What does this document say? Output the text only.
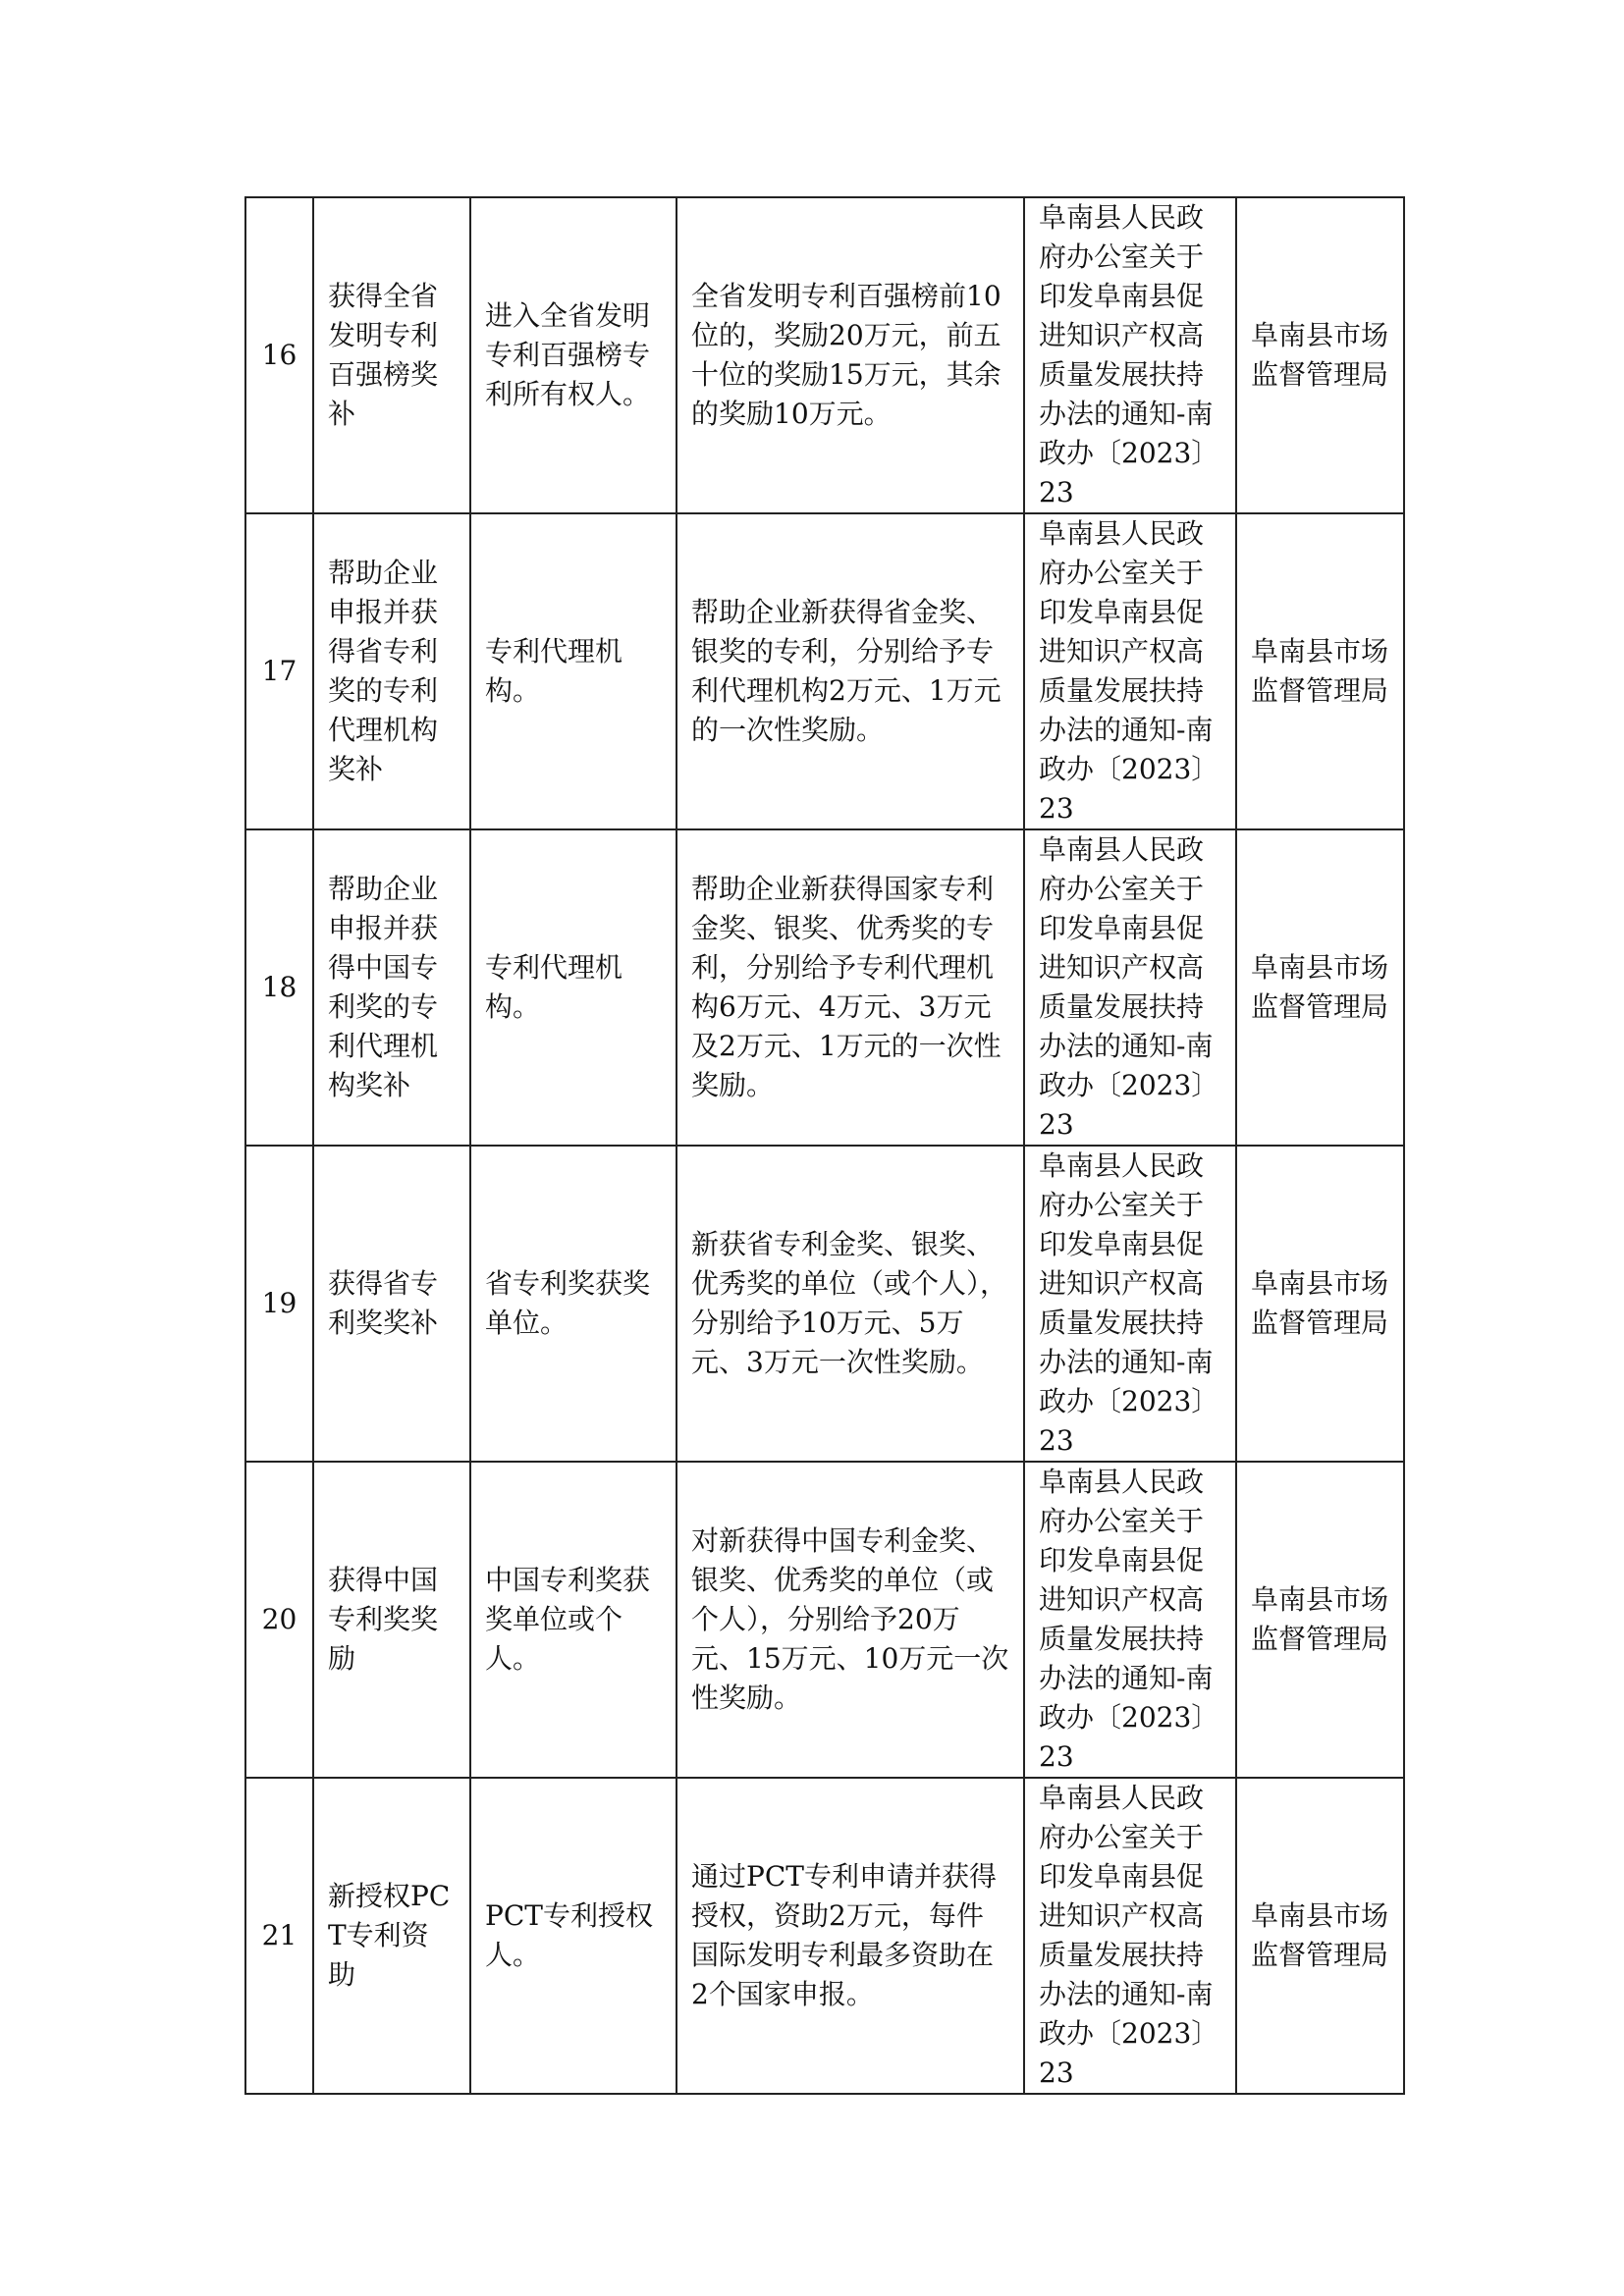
16	获得全省发明专利百强榜奖补	进入全省发明专利百强榜专利所有权人。	全省发明专利百强榜前10位的，奖励20万元，前五十位的奖励15万元，其余的奖励10万元。	阜南县人民政府办公室关于印发阜南县促进知识产权高质量发展扶持办法的通知-南政办〔2023〕23	阜南县市场监督管理局
17	帮助企业申报并获得省专利奖的专利代理机构奖补	专利代理机构。	帮助企业新获得省金奖、银奖的专利，分别给予专利代理机构2万元、1万元的一次性奖励。	阜南县人民政府办公室关于印发阜南县促进知识产权高质量发展扶持办法的通知-南政办〔2023〕23	阜南县市场监督管理局
18	帮助企业申报并获得中国专利奖的专利代理机构奖补	专利代理机构。	帮助企业新获得国家专利金奖、银奖、优秀奖的专利，分别给予专利代理机构6万元、4万元、3万元及2万元、1万元的一次性奖励。	阜南县人民政府办公室关于印发阜南县促进知识产权高质量发展扶持办法的通知-南政办〔2023〕23	阜南县市场监督管理局
19	获得省专利奖奖补	省专利奖获奖单位。	新获省专利金奖、银奖、优秀奖的单位（或个人），分别给予10万元、5万元、3万元一次性奖励。	阜南县人民政府办公室关于印发阜南县促进知识产权高质量发展扶持办法的通知-南政办〔2023〕23	阜南县市场监督管理局
20	获得中国专利奖奖励	中国专利奖获奖单位或个人。	对新获得中国专利金奖、银奖、优秀奖的单位（或个人），分别给予20万元、15万元、10万元一次性奖励。	阜南县人民政府办公室关于印发阜南县促进知识产权高质量发展扶持办法的通知-南政办〔2023〕23	阜南县市场监督管理局
21	新授权PCT专利资助	PCT专利授权人。	通过PCT专利申请并获得授权，资助2万元，每件国际发明专利最多资助在2个国家申报。	阜南县人民政府办公室关于印发阜南县促进知识产权高质量发展扶持办法的通知-南政办〔2023〕23	阜南县市场监督管理局
